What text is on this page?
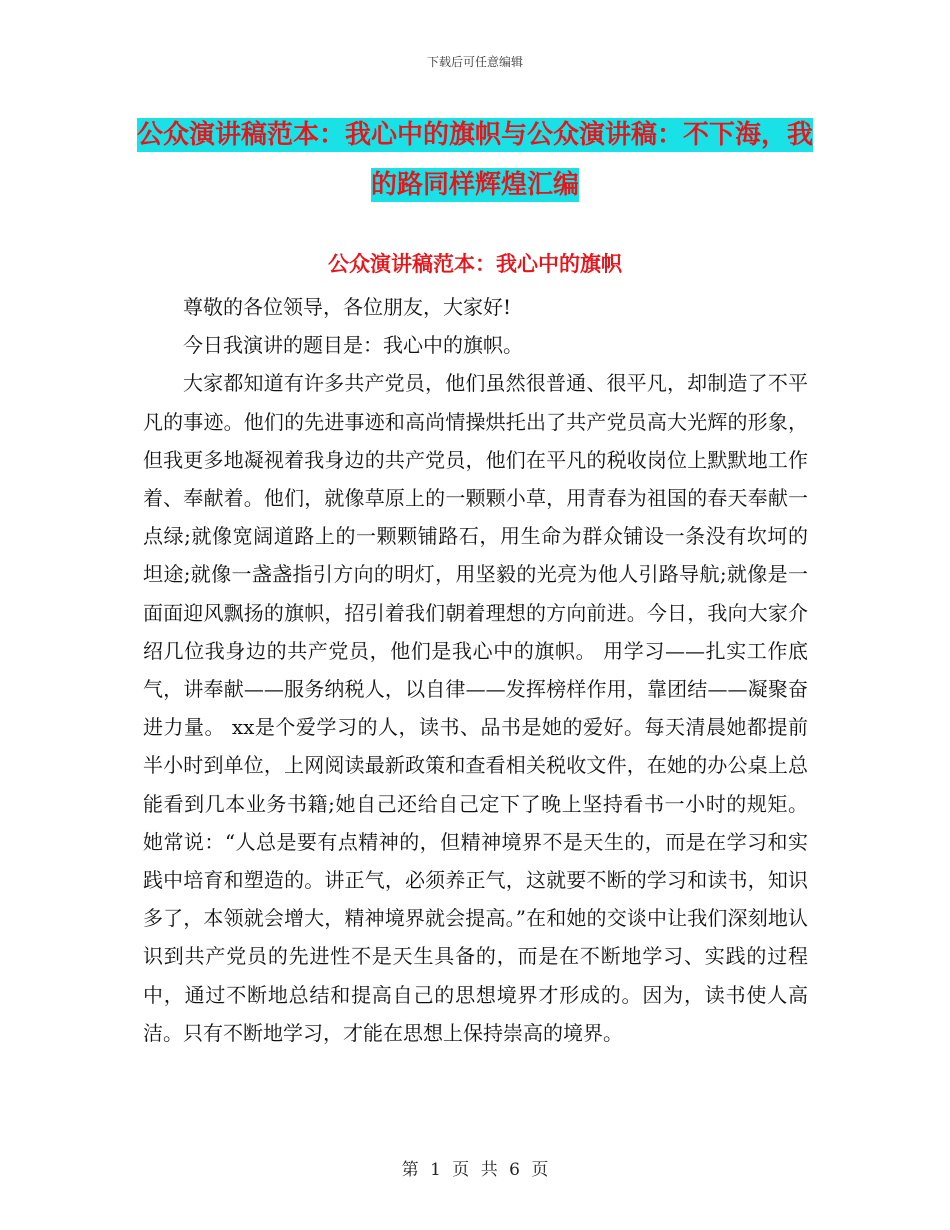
下载后可任意编辑
公众演讲稿范本：我心中的旗帜与公众演讲稿：不下海，我的路同样辉煌汇编
公众演讲稿范本：我心中的旗帜

尊敬的各位领导，各位朋友，大家好!

今日我演讲的题目是：我心中的旗帜。

大家都知道有许多共产党员，他们虽然很普通、很平凡，却制造了不平凡的事迹。他们的先进事迹和高尚情操烘托出了共产党员高大光辉的形象，但我更多地凝视着我身边的共产党员，他们在平凡的税收岗位上默默地工作着、奉献着。他们，就像草原上的一颗颗小草，用青春为祖国的春天奉献一点绿;就像宽阔道路上的一颗颗铺路石，用生命为群众铺设一条没有坎坷的坦途;就像一盏盏指引方向的明灯，用坚毅的光亮为他人引路导航;就像是一面面迎风飘扬的旗帜，招引着我们朝着理想的方向前进。今日，我向大家介绍几位我身边的共产党员，他们是我心中的旗帜。 用学习——扎实工作底气，讲奉献——服务纳税人，以自律——发挥榜样作用，靠团结——凝聚奋进力量。 xx是个爱学习的人，读书、品书是她的爱好。每天清晨她都提前半小时到单位，上网阅读最新政策和查看相关税收文件，在她的办公桌上总能看到几本业务书籍;她自己还给自己定下了晚上坚持看书一小时的规矩。她常说：“人总是要有点精神的，但精神境界不是天生的，而是在学习和实践中培育和塑造的。讲正气，必须养正气，这就要不断的学习和读书，知识多了，本领就会增大，精神境界就会提高。”在和她的交谈中让我们深刻地认识到共产党员的先进性不是天生具备的，而是在不断地学习、实践的过程中，通过不断地总结和提高自己的思想境界才形成的。因为，读书使人高洁。只有不断地学习，才能在思想上保持崇高的境界。

第 1 页 共 6 页
